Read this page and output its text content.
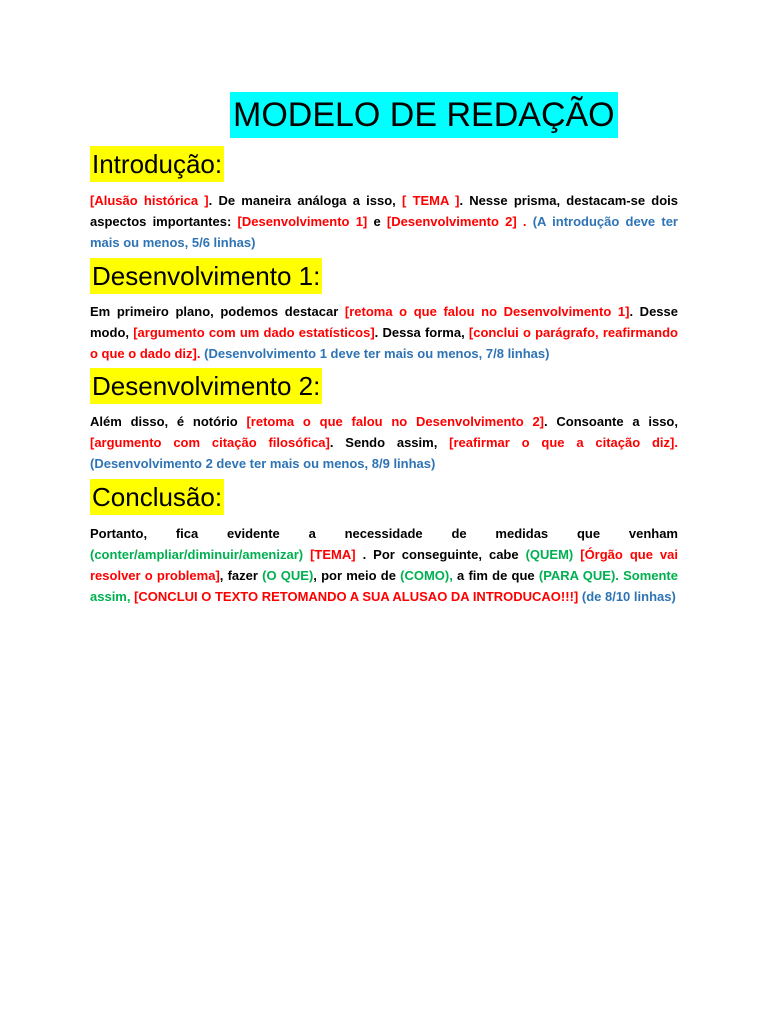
MODELO DE REDAÇÃO
Introdução:

[Alusão histórica ]. De maneira análoga a isso, [ TEMA ]. Nesse prisma, destacam-se dois aspectos importantes: [Desenvolvimento 1] e [Desenvolvimento 2] . (A introdução deve ter mais ou menos, 5/6 linhas)

Desenvolvimento 1:

Em primeiro plano, podemos destacar [retoma o que falou no Desenvolvimento 1]. Desse modo, [argumento com um dado estatísticos]. Dessa forma, [conclui o parágrafo, reafirmando o que o dado diz]. (Desenvolvimento 1 deve ter mais ou menos, 7/8 linhas)

Desenvolvimento 2:

Além disso, é notório [retoma o que falou no Desenvolvimento 2]. Consoante a isso, [argumento com citação filosófica]. Sendo assim, [reafirmar o que a citação diz]. (Desenvolvimento 2 deve ter mais ou menos, 8/9 linhas)

Conclusão:

Portanto, fica evidente a necessidade de medidas que venham (conter/ampliar/diminuir/amenizar) [TEMA] . Por conseguinte, cabe (QUEM) [Órgão que vai resolver o problema], fazer (O QUE), por meio de (COMO), a fim de que (PARA QUE). Somente assim, [CONCLUI O TEXTO RETOMANDO A SUA ALUSAO DA INTRODUCAO!!!] (de 8/10 linhas)
